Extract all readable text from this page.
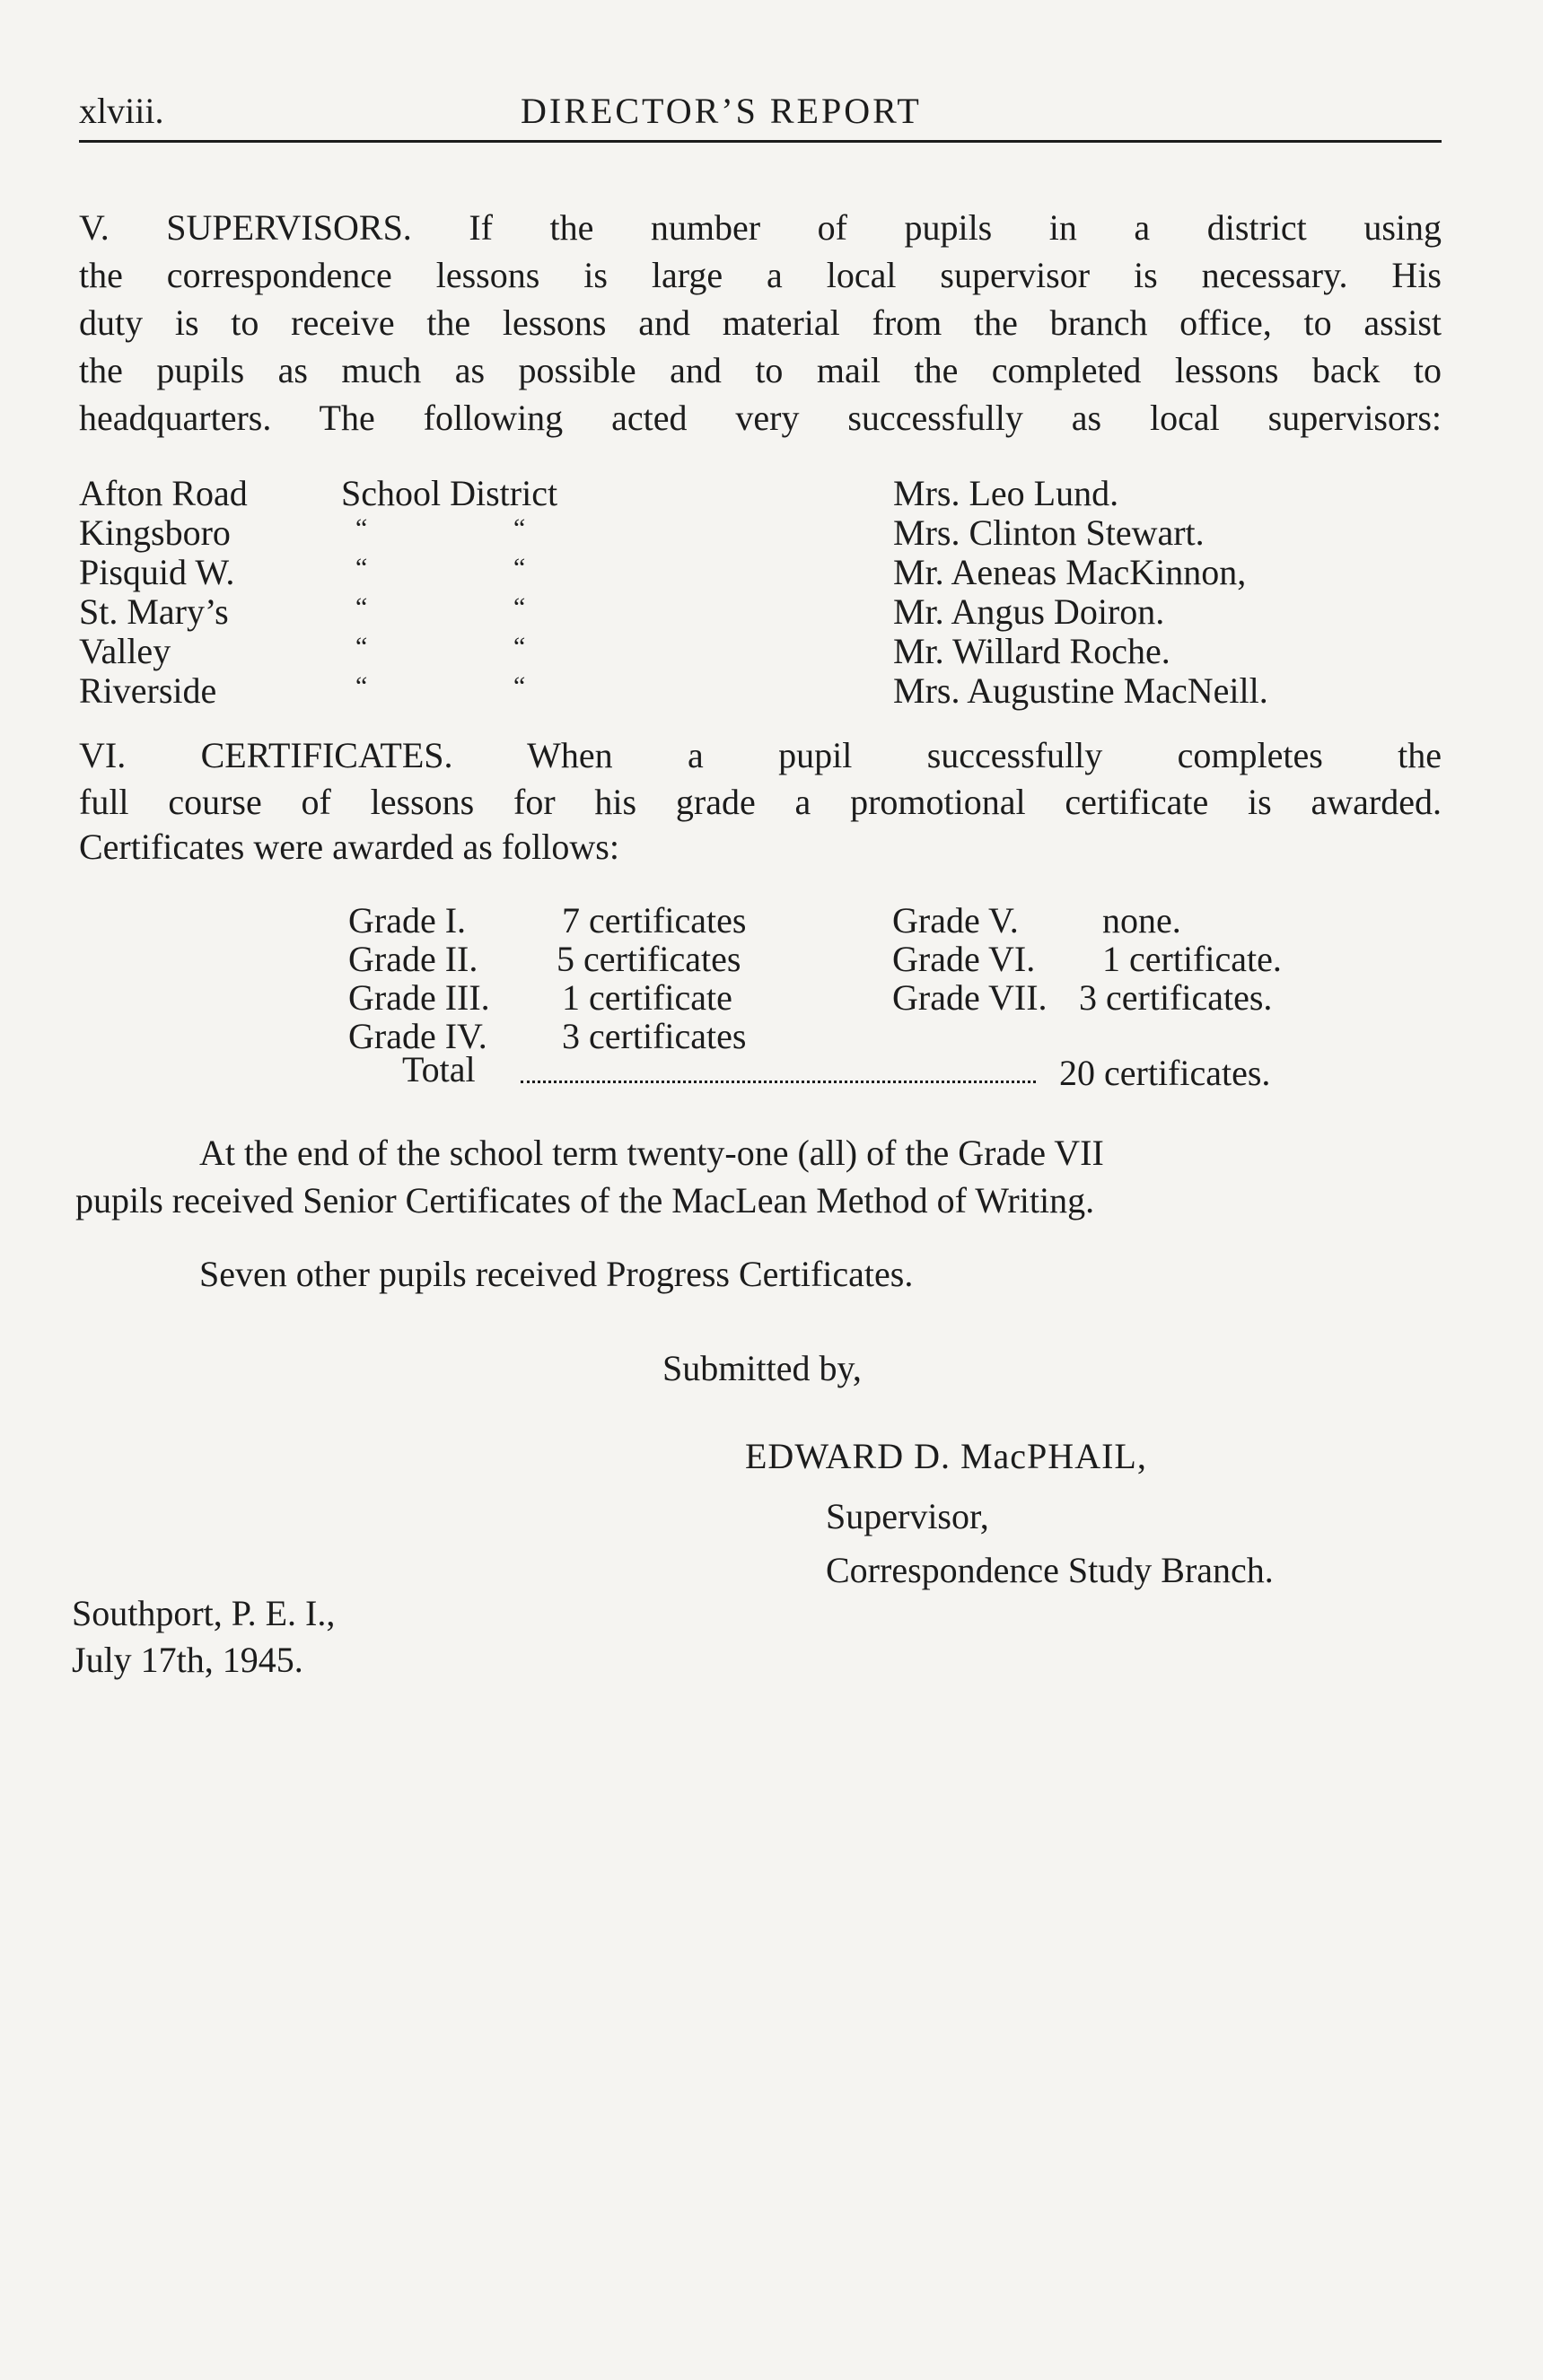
xlviii.	DIRECTOR’S REPORT
V. SUPERVISORS. If the number of pupils in a district using
the correspondence lessons is large a local supervisor is necessary. His
duty is to receive the lessons and material from the branch office, to assist
the pupils as much as possible and to mail the completed lessons back to
headquarters. The following acted very successfully as local supervisors:
Afton Road	School District	Mrs. Leo Lund.
Kingsboro	“	“	Mrs. Clinton Stewart.
Pisquid W.	“	“	Mr. Aeneas MacKinnon,
St. Mary’s	“	“	Mr. Angus Doiron.
Valley	“	“	Mr. Willard Roche.
Riverside	“	“	Mrs. Augustine MacNeill.
VI. CERTIFICATES. When a pupil successfully completes the
full course of lessons for his grade a promotional certificate is awarded.
Certificates were awarded as follows:
Grade I.	7 certificates	Grade V. none.
Grade II. 5 certificates	Grade VI. 1 certificate.
Grade III. 1 certificate	Grade VII. 3 certificates.
Grade IV. 3 certificates
Total	20 certificates.
At the end of the school term twenty-one (all) of the Grade VII
pupils received Senior Certificates of the MacLean Method of Writing.
Seven other pupils received Progress Certificates.
Submitted by,
EDWARD D. MacPHAIL,
Supervisor,
Correspondence Study Branch.
Southport, P. E. I.,
July 17th, 1945.
